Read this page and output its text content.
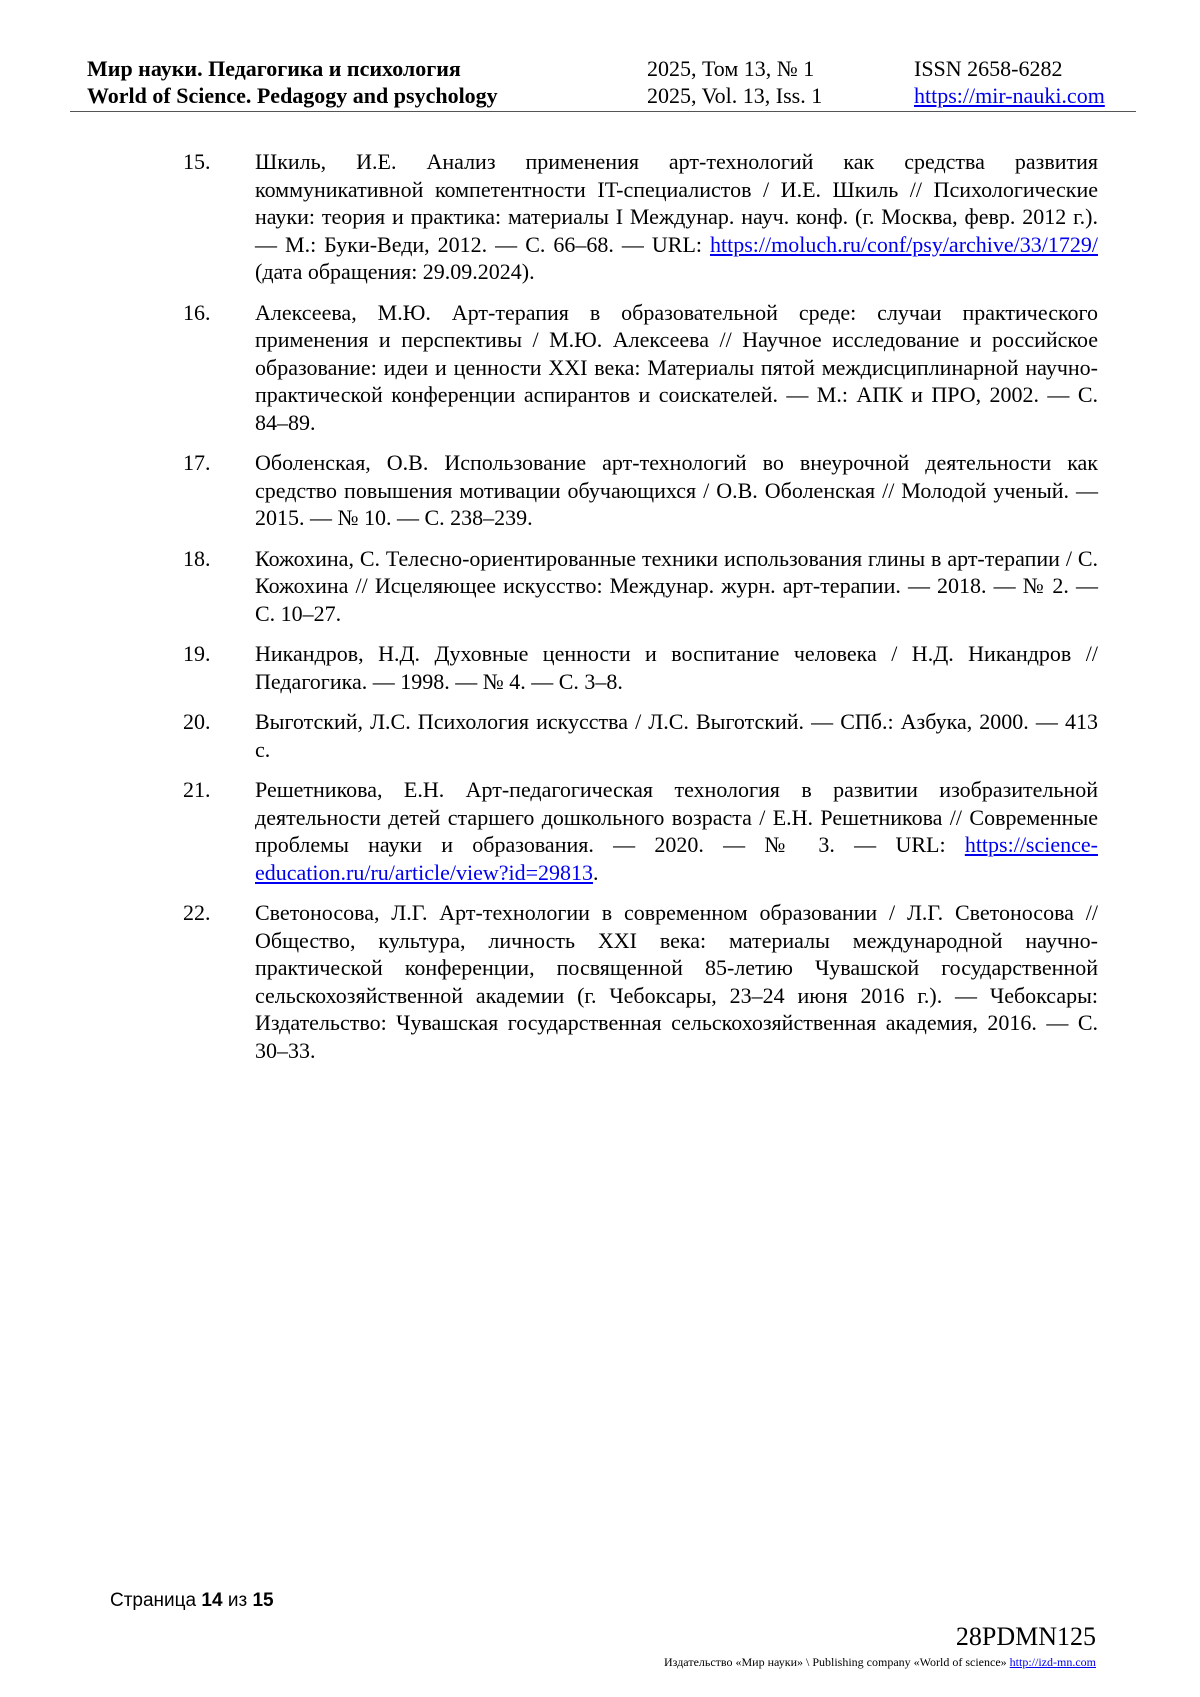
Мир науки. Педагогика и психология
World of Science. Pedagogy and psychology
2025, Том 13, № 1
2025, Vol. 13, Iss. 1
ISSN 2658-6282
https://mir-nauki.com
15. Шкиль, И.Е. Анализ применения арт-технологий как средства развития коммуникативной компетентности IT-специалистов / И.Е. Шкиль // Психологические науки: теория и практика: материалы I Междунар. науч. конф. (г. Москва, февр. 2012 г.). — М.: Буки-Веди, 2012. — С. 66–68. — URL: https://moluch.ru/conf/psy/archive/33/1729/ (дата обращения: 29.09.2024).
16. Алексеева, М.Ю. Арт-терапия в образовательной среде: случаи практического применения и перспективы / М.Ю. Алексеева // Научное исследование и российское образование: идеи и ценности XXI века: Материалы пятой междисциплинарной научно-практической конференции аспирантов и соискателей. — М.: АПК и ПРО, 2002. — С. 84–89.
17. Оболенская, О.В. Использование арт-технологий во внеурочной деятельности как средство повышения мотивации обучающихся / О.В. Оболенская // Молодой ученый. — 2015. — № 10. — С. 238–239.
18. Кожохина, С. Телесно-ориентированные техники использования глины в арт-терапии / С. Кожохина // Исцеляющее искусство: Междунар. журн. арт-терапии. — 2018. — № 2. — С. 10–27.
19. Никандров, Н.Д. Духовные ценности и воспитание человека / Н.Д. Никандров // Педагогика. — 1998. — № 4. — С. 3–8.
20. Выготский, Л.С. Психология искусства / Л.С. Выготский. — СПб.: Азбука, 2000. — 413 с.
21. Решетникова, Е.Н. Арт-педагогическая технология в развитии изобразительной деятельности детей старшего дошкольного возраста / Е.Н. Решетникова // Современные проблемы науки и образования. — 2020. — № 3. — URL: https://science-education.ru/ru/article/view?id=29813.
22. Светоносова, Л.Г. Арт-технологии в современном образовании / Л.Г. Светоносова // Общество, культура, личность XXI века: материалы международной научно-практической конференции, посвященной 85-летию Чувашской государственной сельскохозяйственной академии (г. Чебоксары, 23–24 июня 2016 г.). — Чебоксары: Издательство: Чувашская государственная сельскохозяйственная академия, 2016. — С. 30–33.
Страница 14 из 15
28PDMN125
Издательство «Мир науки» \ Publishing company «World of science» http://izd-mn.com
